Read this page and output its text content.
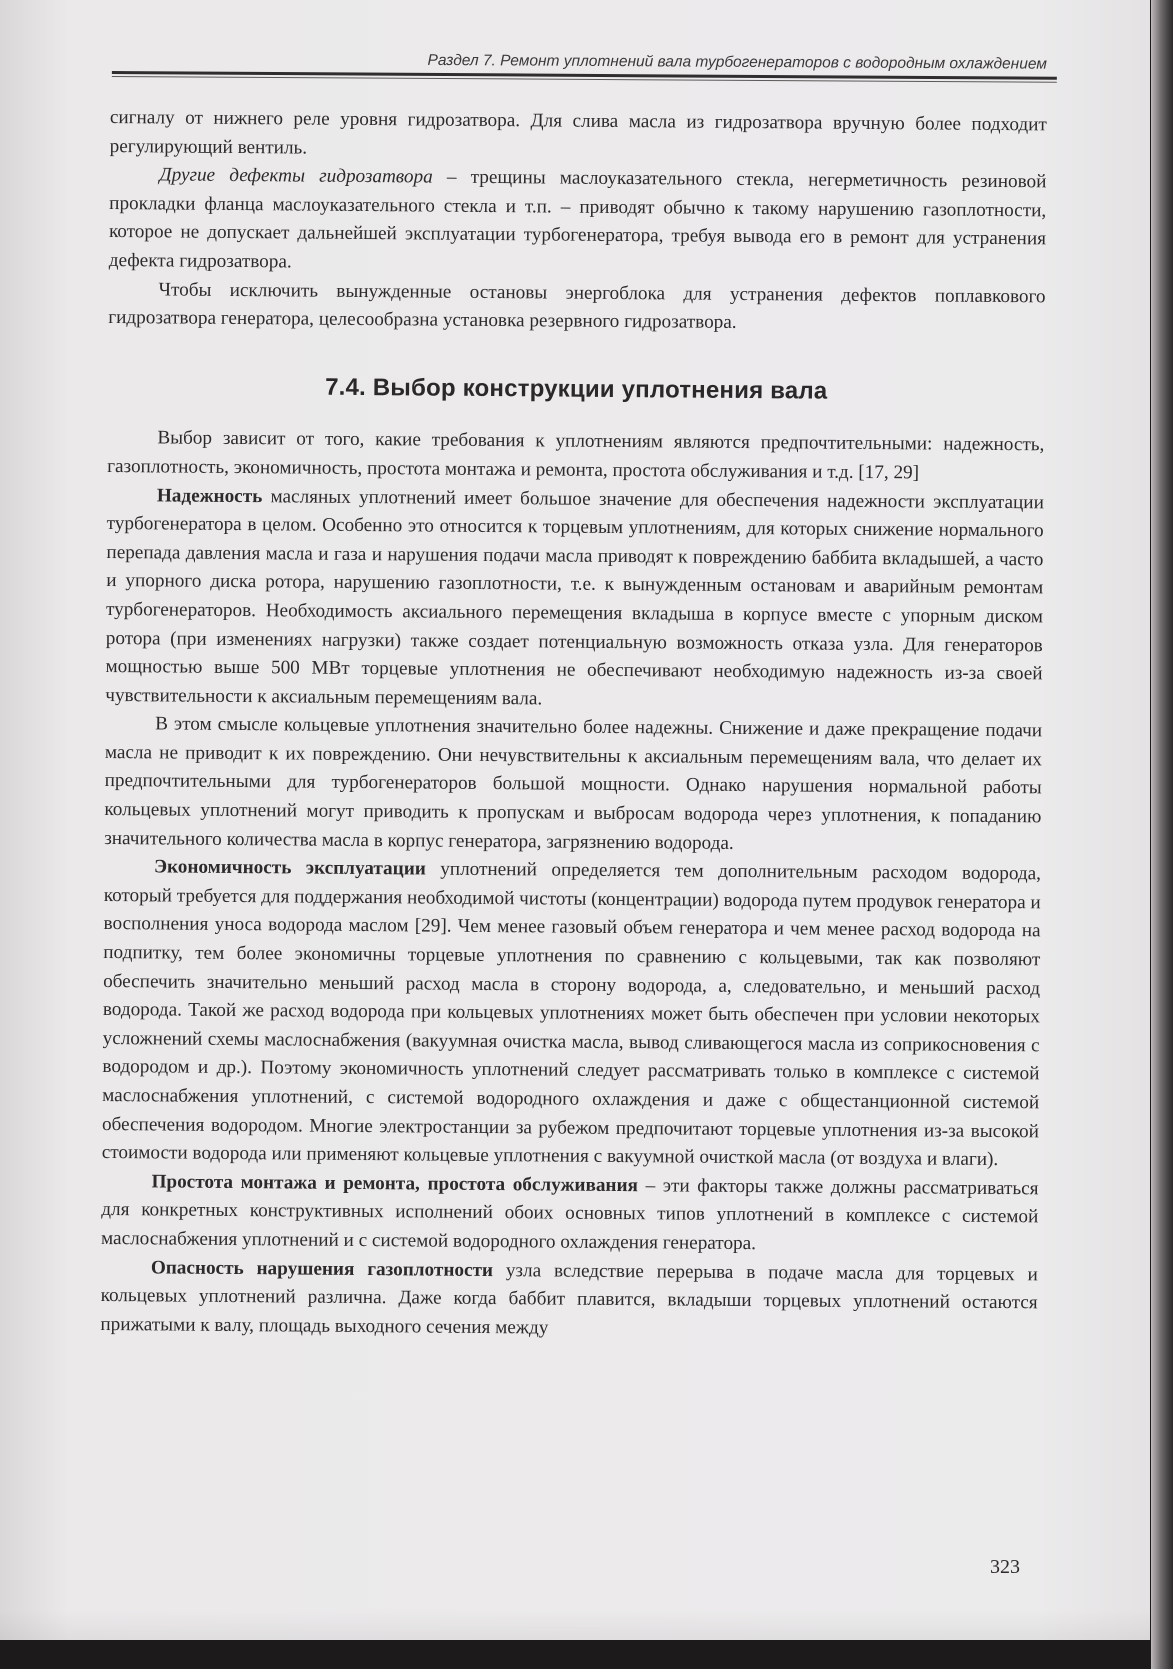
Раздел 7. Ремонт уплотнений вала турбогенераторов с водородным охлаждением

сигналу от нижнего реле уровня гидрозатвора. Для слива масла из гидрозатвора вручную более подходит регулирующий вентиль.

Другие дефекты гидрозатвора – трещины маслоуказательного стекла, негерметичность резиновой прокладки фланца маслоуказательного стекла и т.п. – приводят обычно к такому нарушению газоплотности, которое не допускает дальнейшей эксплуатации турбогенератора, требуя вывода его в ремонт для устранения дефекта гидрозатвора.

Чтобы исключить вынужденные остановы энергоблока для устранения дефектов поплавкового гидрозатвора генератора, целесообразна установка резервного гидрозатвора.

7.4. Выбор конструкции уплотнения вала

Выбор зависит от того, какие требования к уплотнениям являются предпочтительными: надежность, газоплотность, экономичность, простота монтажа и ремонта, простота обслуживания и т.д. [17, 29]

Надежность масляных уплотнений имеет большое значение для обеспечения надежности эксплуатации турбогенератора в целом. Особенно это относится к торцевым уплотнениям, для которых снижение нормального перепада давления масла и газа и нарушения подачи масла приводят к повреждению баббита вкладышей, а часто и упорного диска ротора, нарушению газоплотности, т.е. к вынужденным остановам и аварийным ремонтам турбогенераторов. Необходимость аксиального перемещения вкладыша в корпусе вместе с упорным диском ротора (при изменениях нагрузки) также создает потенциальную возможность отказа узла. Для генераторов мощностью выше 500 МВт торцевые уплотнения не обеспечивают необходимую надежность из-за своей чувствительности к аксиальным перемещениям вала.

В этом смысле кольцевые уплотнения значительно более надежны. Снижение и даже прекращение подачи масла не приводит к их повреждению. Они нечувствительны к аксиальным перемещениям вала, что делает их предпочтительными для турбогенераторов большой мощности. Однако нарушения нормальной работы кольцевых уплотнений могут приводить к пропускам и выбросам водорода через уплотнения, к попаданию значительного количества масла в корпус генератора, загрязнению водорода.

Экономичность эксплуатации уплотнений определяется тем дополнительным расходом водорода, который требуется для поддержания необходимой чистоты (концентрации) водорода путем продувок генератора и восполнения уноса водорода маслом [29]. Чем менее газовый объем генератора и чем менее расход водорода на подпитку, тем более экономичны торцевые уплотнения по сравнению с кольцевыми, так как позволяют обеспечить значительно меньший расход масла в сторону водорода, а, следовательно, и меньший расход водорода. Такой же расход водорода при кольцевых уплотнениях может быть обеспечен при условии некоторых усложнений схемы маслоснабжения (вакуумная очистка масла, вывод сливающегося масла из соприкосновения с водородом и др.). Поэтому экономичность уплотнений следует рассматривать только в комплексе с системой маслоснабжения уплотнений, с системой водородного охлаждения и даже с общестанционной системой обеспечения водородом. Многие электростанции за рубежом предпочитают торцевые уплотнения из-за высокой стоимости водорода или применяют кольцевые уплотнения с вакуумной очисткой масла (от воздуха и влаги).

Простота монтажа и ремонта, простота обслуживания – эти факторы также должны рассматриваться для конкретных конструктивных исполнений обоих основных типов уплотнений в комплексе с системой маслоснабжения уплотнений и с системой водородного охлаждения генератора.

Опасность нарушения газоплотности узла вследствие перерыва в подаче масла для торцевых и кольцевых уплотнений различна. Даже когда баббит плавится, вкладыши торцевых уплотнений остаются прижатыми к валу, площадь выходного сечения между

323
